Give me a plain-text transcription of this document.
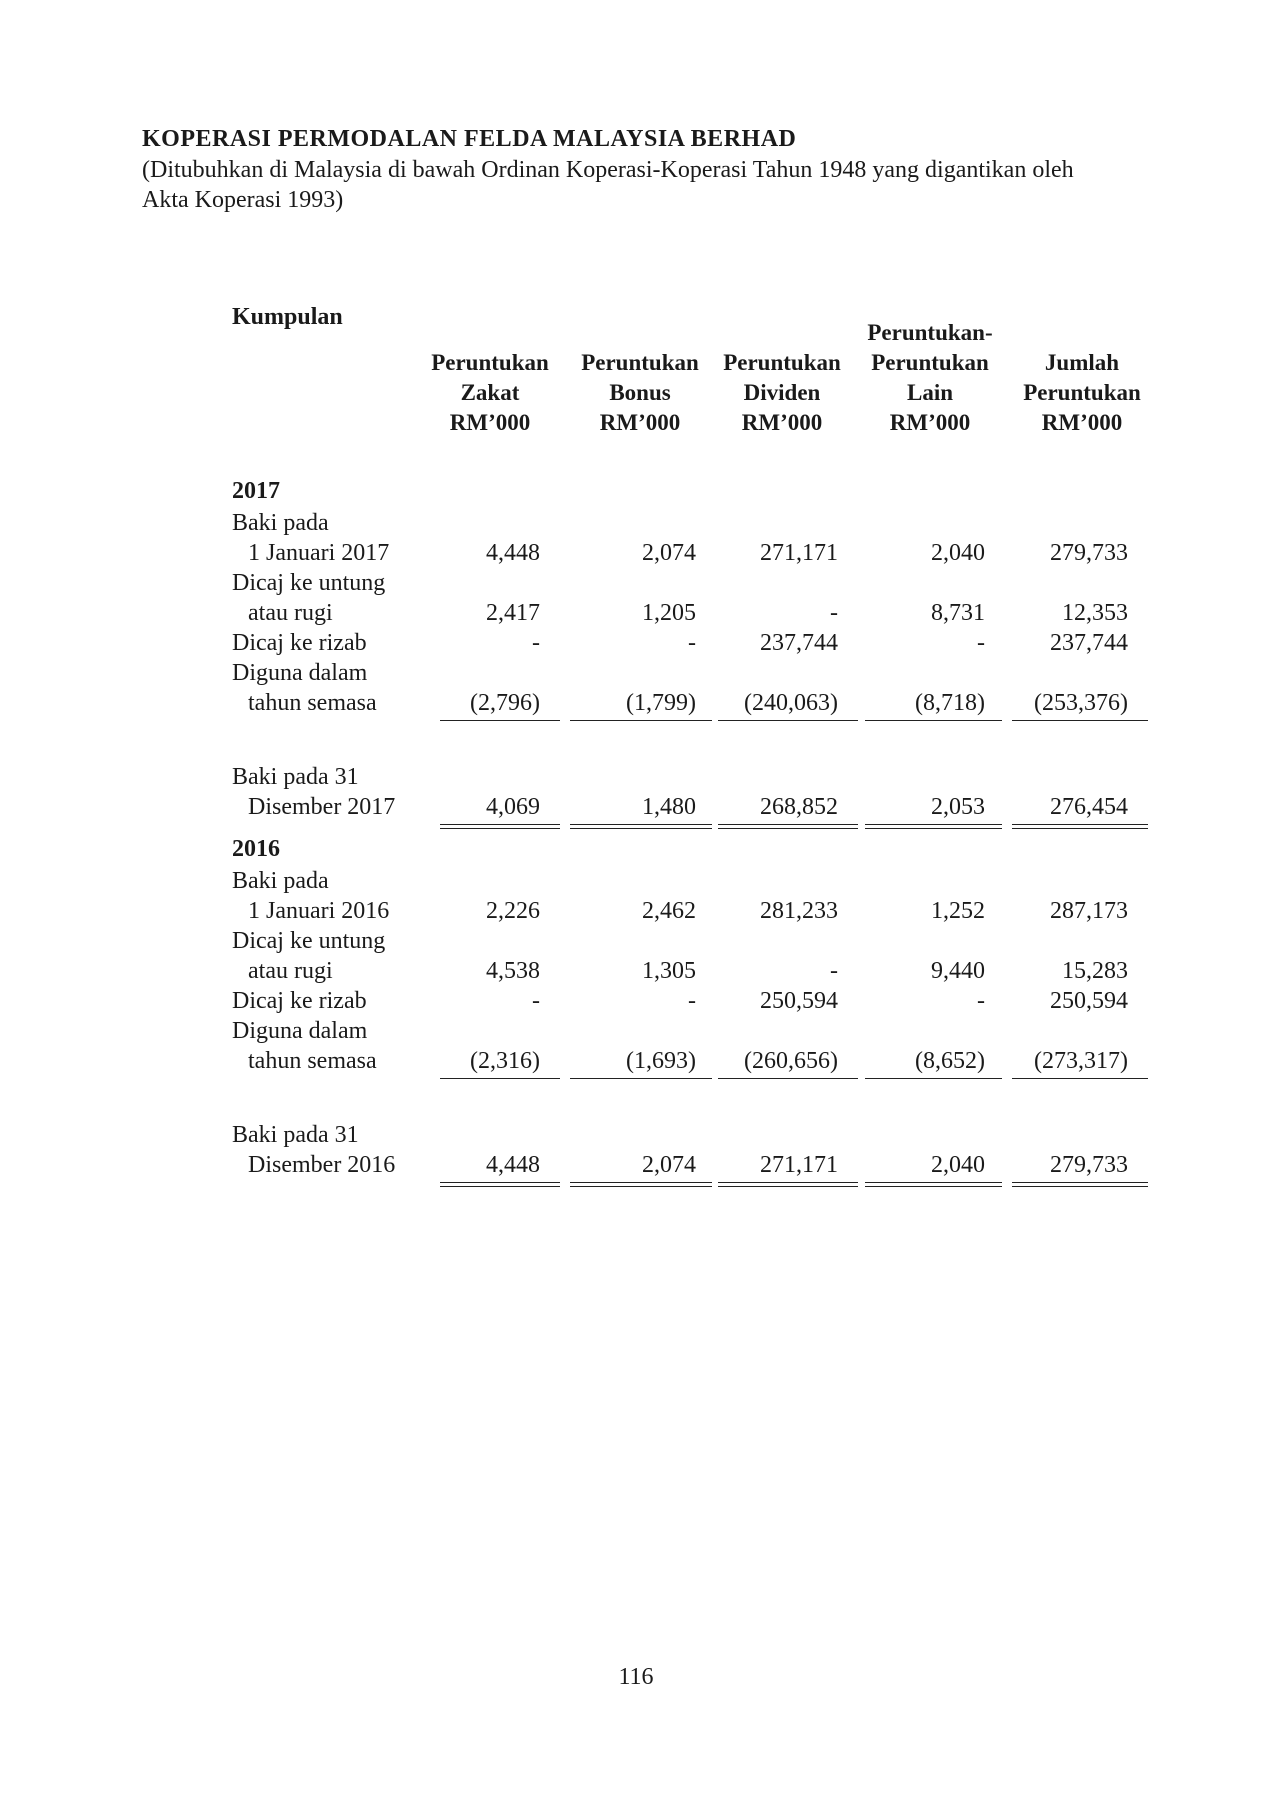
KOPERASI PERMODALAN FELDA MALAYSIA BERHAD
(Ditubuhkan di Malaysia di bawah Ordinan Koperasi-Koperasi Tahun 1948 yang digantikan oleh Akta Koperasi 1993)
Kumpulan
Peruntukan
Zakat
RM’000
Peruntukan
Bonus
RM’000
Peruntukan
Dividen
RM’000
Peruntukan-
Peruntukan
Lain
RM’000
Jumlah
Peruntukan
RM’000
2017
Baki pada
1 Januari 2017	4,448	2,074	271,171	2,040	279,733
Dicaj ke untung
atau rugi	2,417	1,205	-	8,731	12,353
Dicaj ke rizab	-	-	237,744	-	237,744
Diguna dalam
tahun semasa	(2,796)	(1,799)	(240,063)	(8,718)	(253,376)
Baki pada 31
Disember 2017	4,069	1,480	268,852	2,053	276,454
2016
Baki pada
1 Januari 2016	2,226	2,462	281,233	1,252	287,173
Dicaj ke untung
atau rugi	4,538	1,305	-	9,440	15,283
Dicaj ke rizab	-	-	250,594	-	250,594
Diguna dalam
tahun semasa	(2,316)	(1,693)	(260,656)	(8,652)	(273,317)
Baki pada 31
Disember 2016	4,448	2,074	271,171	2,040	279,733
116
